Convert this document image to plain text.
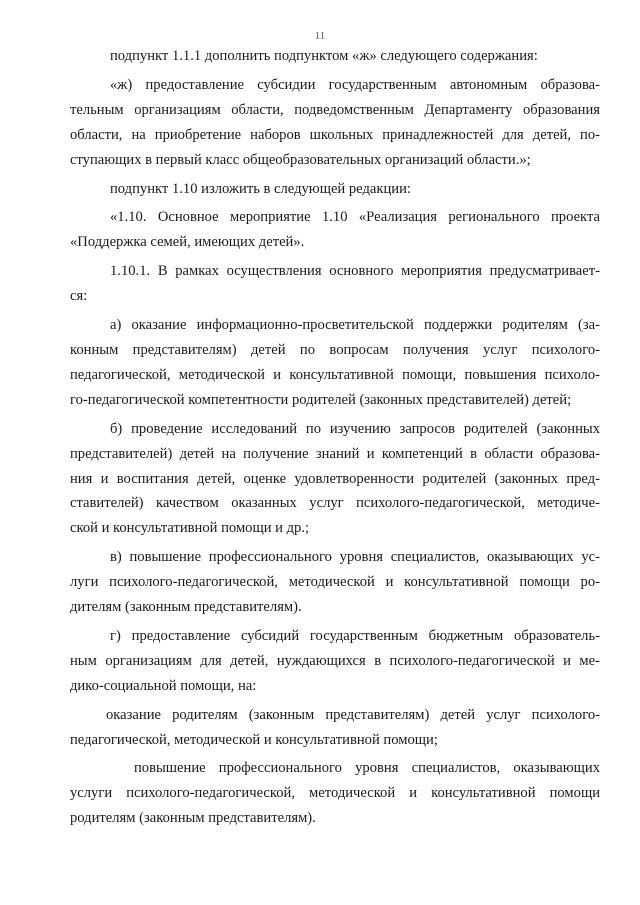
11
подпункт 1.1.1 дополнить подпунктом «ж» следующего содержания:
«ж) предоставление субсидии государственным автономным образова-
тельным организациям области, подведомственным Департаменту образования
области, на приобретение наборов школьных принадлежностей для детей, по-
ступающих в первый класс общеобразовательных организаций области.»;
подпункт 1.10 изложить в следующей редакции:
«1.10. Основное мероприятие 1.10 «Реализация регионального проекта
«Поддержка семей, имеющих детей».
1.10.1. В рамках осуществления основного мероприятия предусматривает-
ся:
а) оказание информационно-просветительской поддержки родителям (за-
конным представителям) детей по вопросам получения услуг психолого-
педагогической, методической и консультативной помощи, повышения психоло-
го-педагогической компетентности родителей (законных представителей) детей;
б) проведение исследований по изучению запросов родителей (законных
представителей) детей на получение знаний и компетенций в области образова-
ния и воспитания детей, оценке удовлетворенности родителей (законных пред-
ставителей) качеством оказанных услуг психолого-педагогической, методиче-
ской и консультативной помощи и др.;
в) повышение профессионального уровня специалистов, оказывающих ус-
луги психолого-педагогической, методической и консультативной помощи ро-
дителям (законным представителям).
г) предоставление субсидий государственным бюджетным образователь-
ным организациям для детей, нуждающихся в психолого-педагогической и ме-
дико-социальной помощи, на:
оказание родителям (законным представителям) детей услуг психолого-
педагогической, методической и консультативной помощи;
повышение профессионального уровня специалистов, оказывающих
услуги психолого-педагогической, методической и консультативной помощи
родителям (законным представителям).
